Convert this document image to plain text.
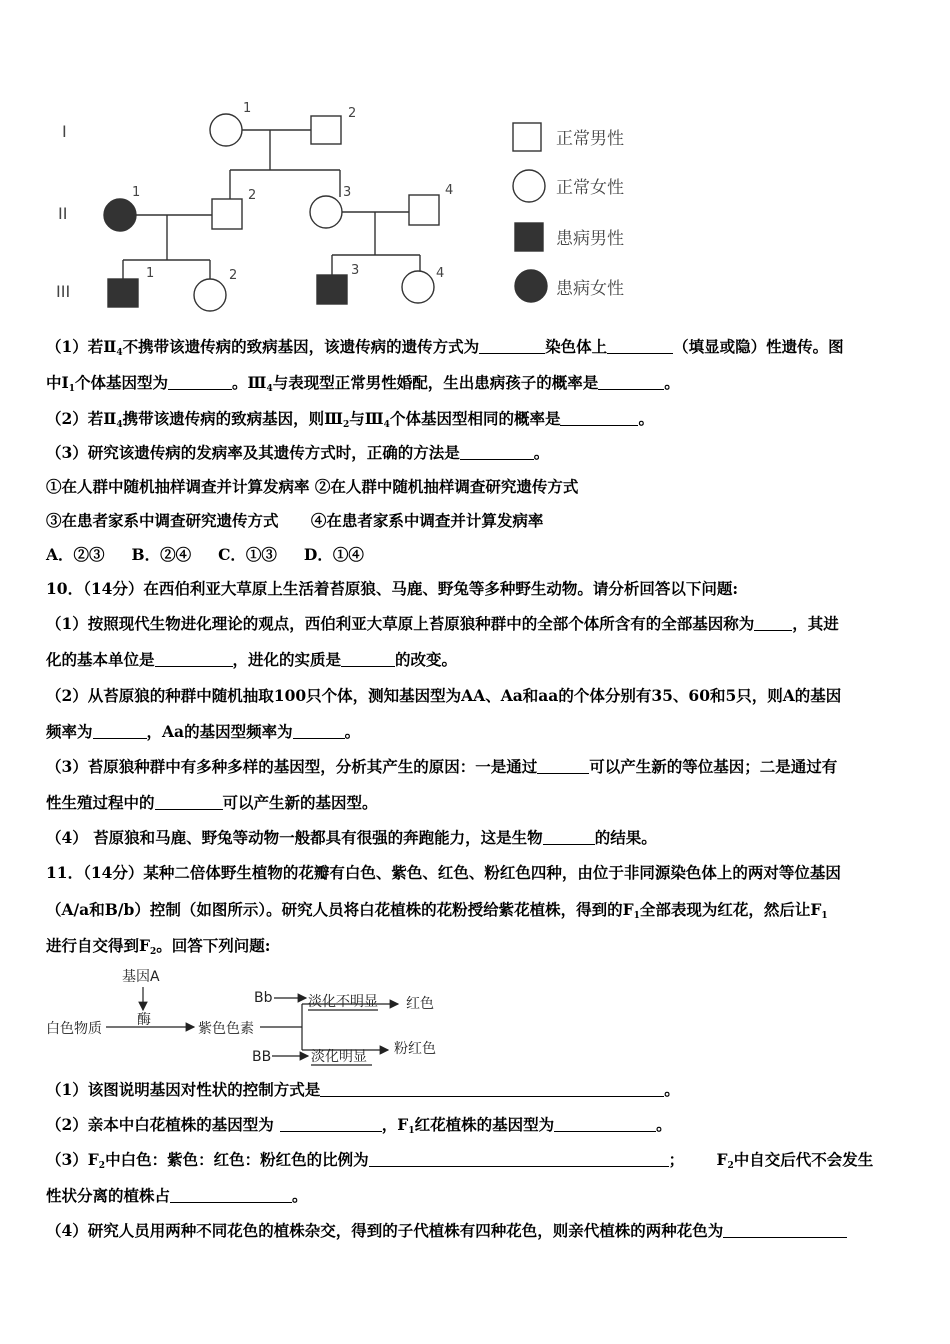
I
II
III
1	2
1	2	3	4
1	2	3	4
正常男性
正常女性
患病男性
患病女性
（1）若$Ⅱ_4$不携带该遗传病的致病基因，该遗传病的遗传方式为	染色体上	（填显或隐）性遗传。图
中$Ⅰ_1$个体基因型为	。$Ⅲ_4$与表现型正常男性婚配，生出患病孩子的概率是	。
（2）若$Ⅱ_4$携带该遗传病的致病基因，则$Ⅲ_2$与$Ⅲ_4$个体基因型相同的概率是	。
（3）研究该遗传病的发病率及其遗传方式时，正确的方法是	。
①在人群中随机抽样调查并计算发病率 ②在人群中随机抽样调查研究遗传方式
③在患者家系中调查研究遗传方式      ④在患者家系中调查并计算发病率
A．②③     B．②④     C．①③     D．①④
10．（14分）在西伯利亚大草原上生活着苔原狼、马鹿、野兔等多种野生动物。请分析回答以下问题:
（1）按照现代生物进化理论的观点，西伯利亚大草原上苔原狼种群中的全部个体所含有的全部基因称为 ，其进
化的基本单位是	，进化的实质是	的改变。
（2）从苔原狼的种群中随机抽取100只个体，测知基因型为AA、Aa和aa的个体分别有35、60和5只，则A的基因
频率为	，Aa的基因型频率为	。
（3）苔原狼种群中有多种多样的基因型，分析其产生的原因：一是通过	可以产生新的等位基因；二是通过有
性生殖过程中的	可以产生新的基因型。
（4） 苔原狼和马鹿、野兔等动物一般都具有很强的奔跑能力，这是生物	的结果。
11．（14分）某种二倍体野生植物的花瓣有白色、紫色、红色、粉红色四种，由位于非同源染色体上的两对等位基因
（A/a和B/b）控制（如图所示）。研究人员将白花植株的花粉授给紫花植株，得到的$F_1$全部表现为红花，然后让$F_1$
进行自交得到$F_2$。回答下列问题:
基因A
酶
白色物质	紫色色素
Bb	淡化不明显 红色
BB	淡化明显 粉红色
（1）该图说明基因对性状的控制方式是	。
（2）亲本中白花植株的基因型为	，$F_1$红花植株的基因型为	。
$(3)F_2$中白色：紫色：红色：粉红色的比例为	； $F_2$中自交后代不会发生
性状分离的植株占	。
（4）研究人员用两种不同花色的植株杂交，得到的子代植株有四种花色，则亲代植株的两种花色为
